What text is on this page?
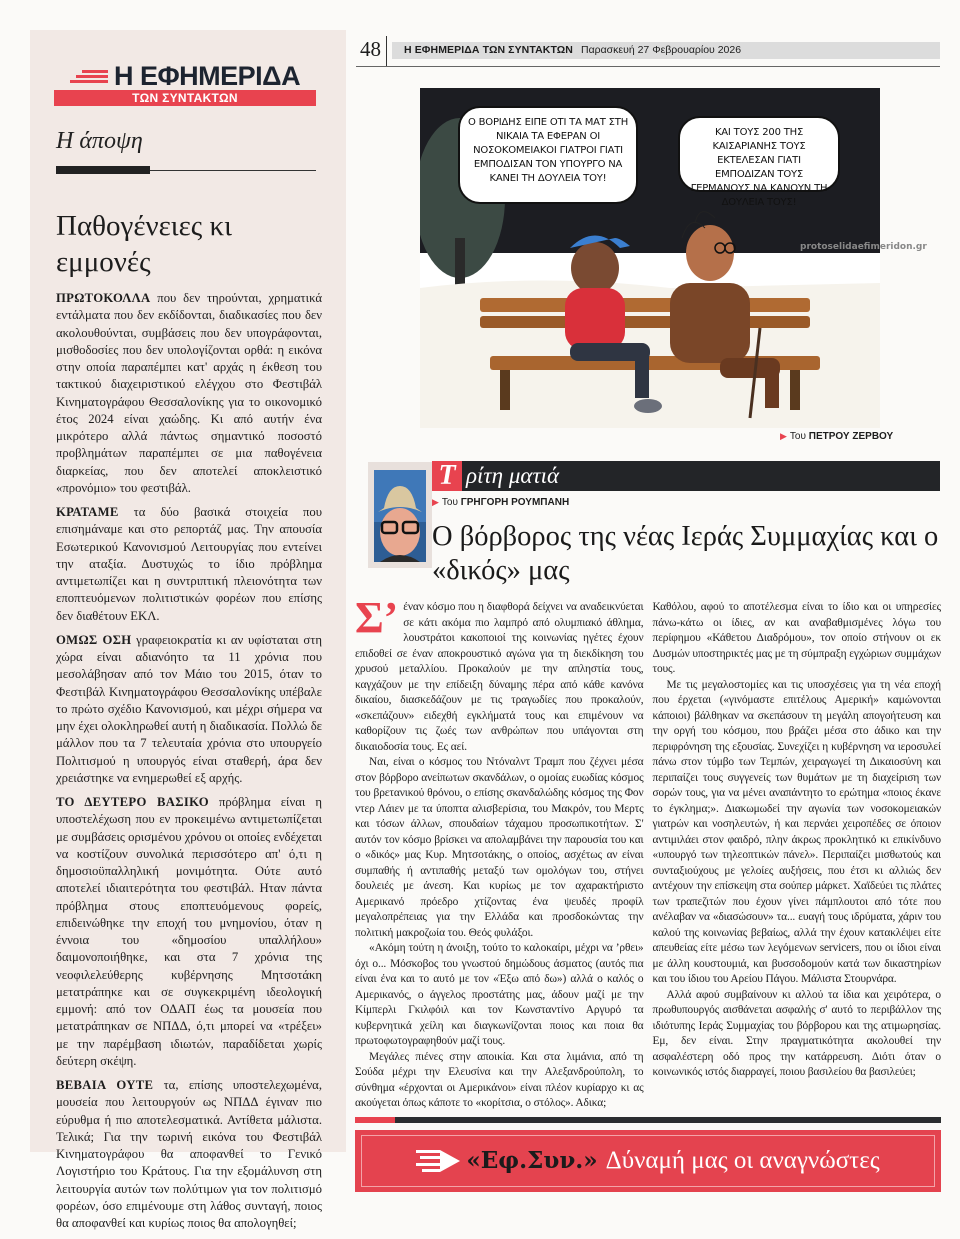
Η ΕΦΗΜΕΡΙΔΑ
ΤΩΝ ΣΥΝΤΑΚΤΩΝ
Η άποψη
Παθογένειες κι εμμονές

ΠΡΩΤΟΚΟΛΛΑ που δεν τηρούνται, χρηματικά εντάλματα που δεν εκδίδονται, διαδικασίες που δεν ακολουθούνται, συμβάσεις που δεν υπογράφονται, μισθοδοσίες που δεν υπολογίζονται ορθά: η εικόνα στην οποία παραπέμπει κατ' αρχάς η έκθεση του τακτικού διαχειριστικού ελέγχου στο Φεστιβάλ Κινηματογράφου Θεσσαλονίκης για το οικονομικό έτος 2024 είναι χαώδης. Κι από αυτήν ένα μικρότερο αλλά πάντως σημαντικό ποσοστό προβλημάτων παραπέμπει σε μια παθογένεια διαρκείας, που δεν αποτελεί αποκλειστικό «προνόμιο» του φεστιβάλ.

ΚΡΑΤΑΜΕ τα δύο βασικά στοιχεία που επισημάναμε και στο ρεπορτάζ μας. Την απουσία Εσωτερικού Κανονισμού Λειτουργίας που εντείνει την αταξία. Δυστυχώς το ίδιο πρόβλημα αντιμετωπίζει και η συντριπτική πλειονότητα των εποπτευόμενων πολιτιστικών φορέων που επίσης δεν διαθέτουν ΕΚΛ.

ΟΜΩΣ ΟΣΗ γραφειοκρατία κι αν υφίσταται στη χώρα είναι αδιανόητο τα 11 χρόνια που μεσολάβησαν από τον Μάιο του 2015, όταν το Φεστιβάλ Κινηματογράφου Θεσσαλονίκης υπέβαλε το πρώτο σχέδιο Κανονισμού, και μέχρι σήμερα να μην έχει ολοκληρωθεί αυτή η διαδικασία. Πολλώ δε μάλλον που τα 7 τελευταία χρόνια στο υπουργείο Πολιτισμού η υπουργός είναι σταθερή, άρα δεν χρειάστηκε να ενημερωθεί εξ αρχής.

ΤΟ ΔΕΥΤΕΡΟ ΒΑΣΙΚΟ πρόβλημα είναι η υποστελέχωση που εν προκειμένω αντιμετωπίζεται με συμβάσεις ορισμένου χρόνου οι οποίες ενδέχεται να κοστίζουν συνολικά περισσότερο απ' ό,τι η δημοσιοϋπαλληλική μονιμότητα. Ούτε αυτό αποτελεί ιδιαιτερότητα του φεστιβάλ. Ηταν πάντα πρόβλημα στους εποπτευόμενους φορείς, επιδεινώθηκε την εποχή του μνημονίου, όταν η έννοια του «δημοσίου υπαλλήλου» δαιμονοποιήθηκε, και στα 7 χρόνια της νεοφιλελεύθερης κυβέρνησης Μητσοτάκη μετατράπηκε και σε συγκεκριμένη ιδεολογική εμμονή: από τον ΟΔΑΠ έως τα μουσεία που μετατράπηκαν σε ΝΠΔΔ, ό,τι μπορεί να «τρέξει» με την παρέμβαση ιδιωτών, παραδίδεται χωρίς δεύτερη σκέψη.

ΒΕΒΑΙΑ ΟΥΤΕ τα, επίσης υποστελεχωμένα, μουσεία που λειτουργούν ως ΝΠΔΔ έγιναν πιο εύρυθμα ή πιο αποτελεσματικά. Αντίθετα μάλιστα. Τελικά; Για την τωρινή εικόνα του Φεστιβάλ Κινηματογράφου θα αποφανθεί το Γενικό Λογιστήριο του Κράτους. Για την εξομάλυνση στη λειτουργία αυτών των πολύτιμων για τον πολιτισμό φορέων, όσο επιμένουμε στη λάθος συνταγή, ποιος θα αποφανθεί και κυρίως ποιος θα απολογηθεί;

48	Η ΕΦΗΜΕΡΙΔΑ ΤΩΝ ΣΥΝΤΑΚΤΩΝ Παρασκευή 27 Φεβρουαρίου 2026
Ο ΒΟΡΙΔΗΣ ΕΙΠΕ ΟΤΙ ΤΑ ΜΑΤ ΣΤΗ ΝΙΚΑΙΑ ΤΑ ΕΦΕΡΑΝ ΟΙ ΝΟΣΟΚΟΜΕΙΑΚΟΙ ΓΙΑΤΡΟΙ ΓΙΑΤΙ ΕΜΠΟΔΙΣΑΝ ΤΟΝ ΥΠΟΥΡΓΟ ΝΑ ΚΑΝΕΙ ΤΗ ΔΟΥΛΕΙΑ ΤΟΥ!
ΚΑΙ ΤΟΥΣ 200 ΤΗΣ ΚΑΙΣΑΡΙΑΝΗΣ ΤΟΥΣ ΕΚΤΕΛΕΣΑΝ ΓΙΑΤΙ ΕΜΠΟΔΙΖΑΝ ΤΟΥΣ ΓΕΡΜΑΝΟΥΣ ΝΑ ΚΑΝΟΥΝ ΤΗ ΔΟΥΛΕΙΑ ΤΟΥΣ!
protoselidaefimeridon.gr
▶ Του ΠΕΤΡΟΥ ΖΕΡΒΟΥ
Τ ρίτη ματιά
▶ Του ΓΡΗΓΟΡΗ ΡΟΥΜΠΑΝΗ
Ο βόρβορος της νέας Ιεράς Συμμαχίας και ο «δικός» μας

Σ’ έναν κόσμο που η διαφθορά δείχνει να αναδεικνύεται σε κάτι ακόμα πιο λαμπρό από ολυμπιακό άθλημα, λουστράτοι κακοποιοί της κοινωνίας ηγέτες έχουν επιδοθεί σε έναν αποκρουστικό αγώνα για τη διεκδίκηση του χρυσού μεταλλίου. Προκαλούν με την απληστία τους, καγχάζουν με την επίδειξη δύναμης πέρα από κάθε κανόνα δικαίου, διασκεδάζουν με τις τραγωδίες που προκαλούν, «σκεπάζουν» ειδεχθή εγκλήματά τους και επιμένουν να καθορίζουν τις ζωές των ανθρώπων που υπάγονται στη δικαιοδοσία τους. Ες αεί.

Ναι, είναι ο κόσμος του Ντόναλντ Τραμπ που ζέχνει μέσα στον βόρβορο ανείπωτων σκανδάλων, ο ομοίας ευωδίας κόσμος του βρετανικού θρόνου, ο επίσης σκανδαλώδης κόσμος της Φον ντερ Λάιεν με τα ύποπτα αλισβερίσια, του Μακρόν, του Μερτς και τόσων άλλων, σπουδαίων τάχαμου προσωπικοτήτων. Σ' αυτόν τον κόσμο βρίσκει να απολαμβάνει την παρουσία του και ο «δικός» μας Κυρ. Μητσοτάκης, ο οποίος, ασχέτως αν είναι συμπαθής ή αντιπαθής μεταξύ των ομολόγων του, στήνει δουλειές με άνεση. Και κυρίως με τον αχαρακτήριστο Αμερικανό πρόεδρο χτίζοντας ένα ψευδές προφίλ μεγαλοπρέπειας για την Ελλάδα και προσδοκώντας την πολιτική μακροζωία του. Θεός φυλάξοι.

«Ακόμη τούτη η άνοιξη, τούτο το καλοκαίρι, μέχρι να ’ρθει» όχι ο... Μόσκοβος του γνωστού δημώδους άσματος (αυτός πια είναι ένα και το αυτό με τον «Έξω από δω») αλλά ο καλός ο Αμερικανός, ο άγγελος προστάτης μας, άδουν μαζί με την Κίμπερλι Γκιλφόιλ και τον Κωνσταντίνο Αργυρό τα κυβερνητικά χείλη και διαγκωνίζονται ποιος και ποια θα πρωτοφωτογραφηθούν μαζί τους.

Μεγάλες πιένες στην αποικία. Και στα λιμάνια, από τη Σούδα μέχρι την Ελευσίνα και την Αλεξανδρούπολη, το σύνθημα «έρχονται οι Αμερικάνοι» είναι πλέον κυρίαρχο κι ας ακούγεται όπως κάποτε το «κορίτσια, ο στόλος». Αδικα;

Καθόλου, αφού το αποτέλεσμα είναι το ίδιο και οι υπηρεσίες πάνω-κάτω οι ίδιες, αν και αναβαθμισμένες λόγω του περίφημου «Κάθετου Διαδρόμου», τον οποίο στήνουν οι εκ Δυσμών υποστηρικτές μας με τη σύμπραξη εγχώριων συμμάχων τους.

Με τις μεγαλοστομίες και τις υποσχέσεις για τη νέα εποχή που έρχεται («γινόμαστε επιτέλους Αμερική» καμώνονται κάποιοι) βάλθηκαν να σκεπάσουν τη μεγάλη απογοήτευση και την οργή του κόσμου, που βράζει μέσα στο άδικο και την περιφρόνηση της εξουσίας. Συνεχίζει η κυβέρνηση να ιεροσυλεί πάνω στον τύμβο των Τεμπών, χειραγωγεί τη Δικαιοσύνη και περιπαίζει τους συγγενείς των θυμάτων με τη διαχείριση των σορών τους, για να μένει αναπάντητο το ερώτημα «ποιος έκανε το έγκλημα;». Διακωμωδεί την αγωνία των νοσοκομειακών γιατρών και νοσηλευτών, ή και περνάει χειροπέδες σε όποιον αντιμιλάει στον φαιδρό, πλην άκρως προκλητικό κι επικίνδυνο «υπουργό των τηλεοπτικών πάνελ». Περιπαίζει μισθωτούς και συνταξιούχους με γελοίες αυξήσεις, που έτσι κι αλλιώς δεν αντέχουν την επίσκεψη στα σούπερ μάρκετ. Χαϊδεύει τις πλάτες των τραπεζιτών που έχουν γίνει πάμπλουτοι από τότε που ανέλαβαν να «διασώσουν» τα... ευαγή τους ιδρύματα, χάριν του καλού της κοινωνίας βεβαίως, αλλά την έχουν κατακλέψει είτε απευθείας είτε μέσω των λεγόμενων servicers, που οι ίδιοι είναι με άλλη κουστουμιά, και βυσσοδομούν κατά των δικαστηρίων και του ίδιου του Αρείου Πάγου. Μάλιστα Στουρνάρα.

Αλλά αφού συμβαίνουν κι αλλού τα ίδια και χειρότερα, ο πρωθυπουργός αισθάνεται ασφαλής σ' αυτό το περιβάλλον της ιδιότυπης Ιεράς Συμμαχίας του βόρβορου και της ατιμωρησίας. Εμ, δεν είναι. Στην πραγματικότητα ακολουθεί την ασφαλέστερη οδό προς την κατάρρευση. Διότι όταν ο κοινωνικός ιστός διαρραγεί, ποιου βασιλείου θα βασιλεύει;

«Εφ.Συν.» Δύναμή μας οι αναγνώστες
